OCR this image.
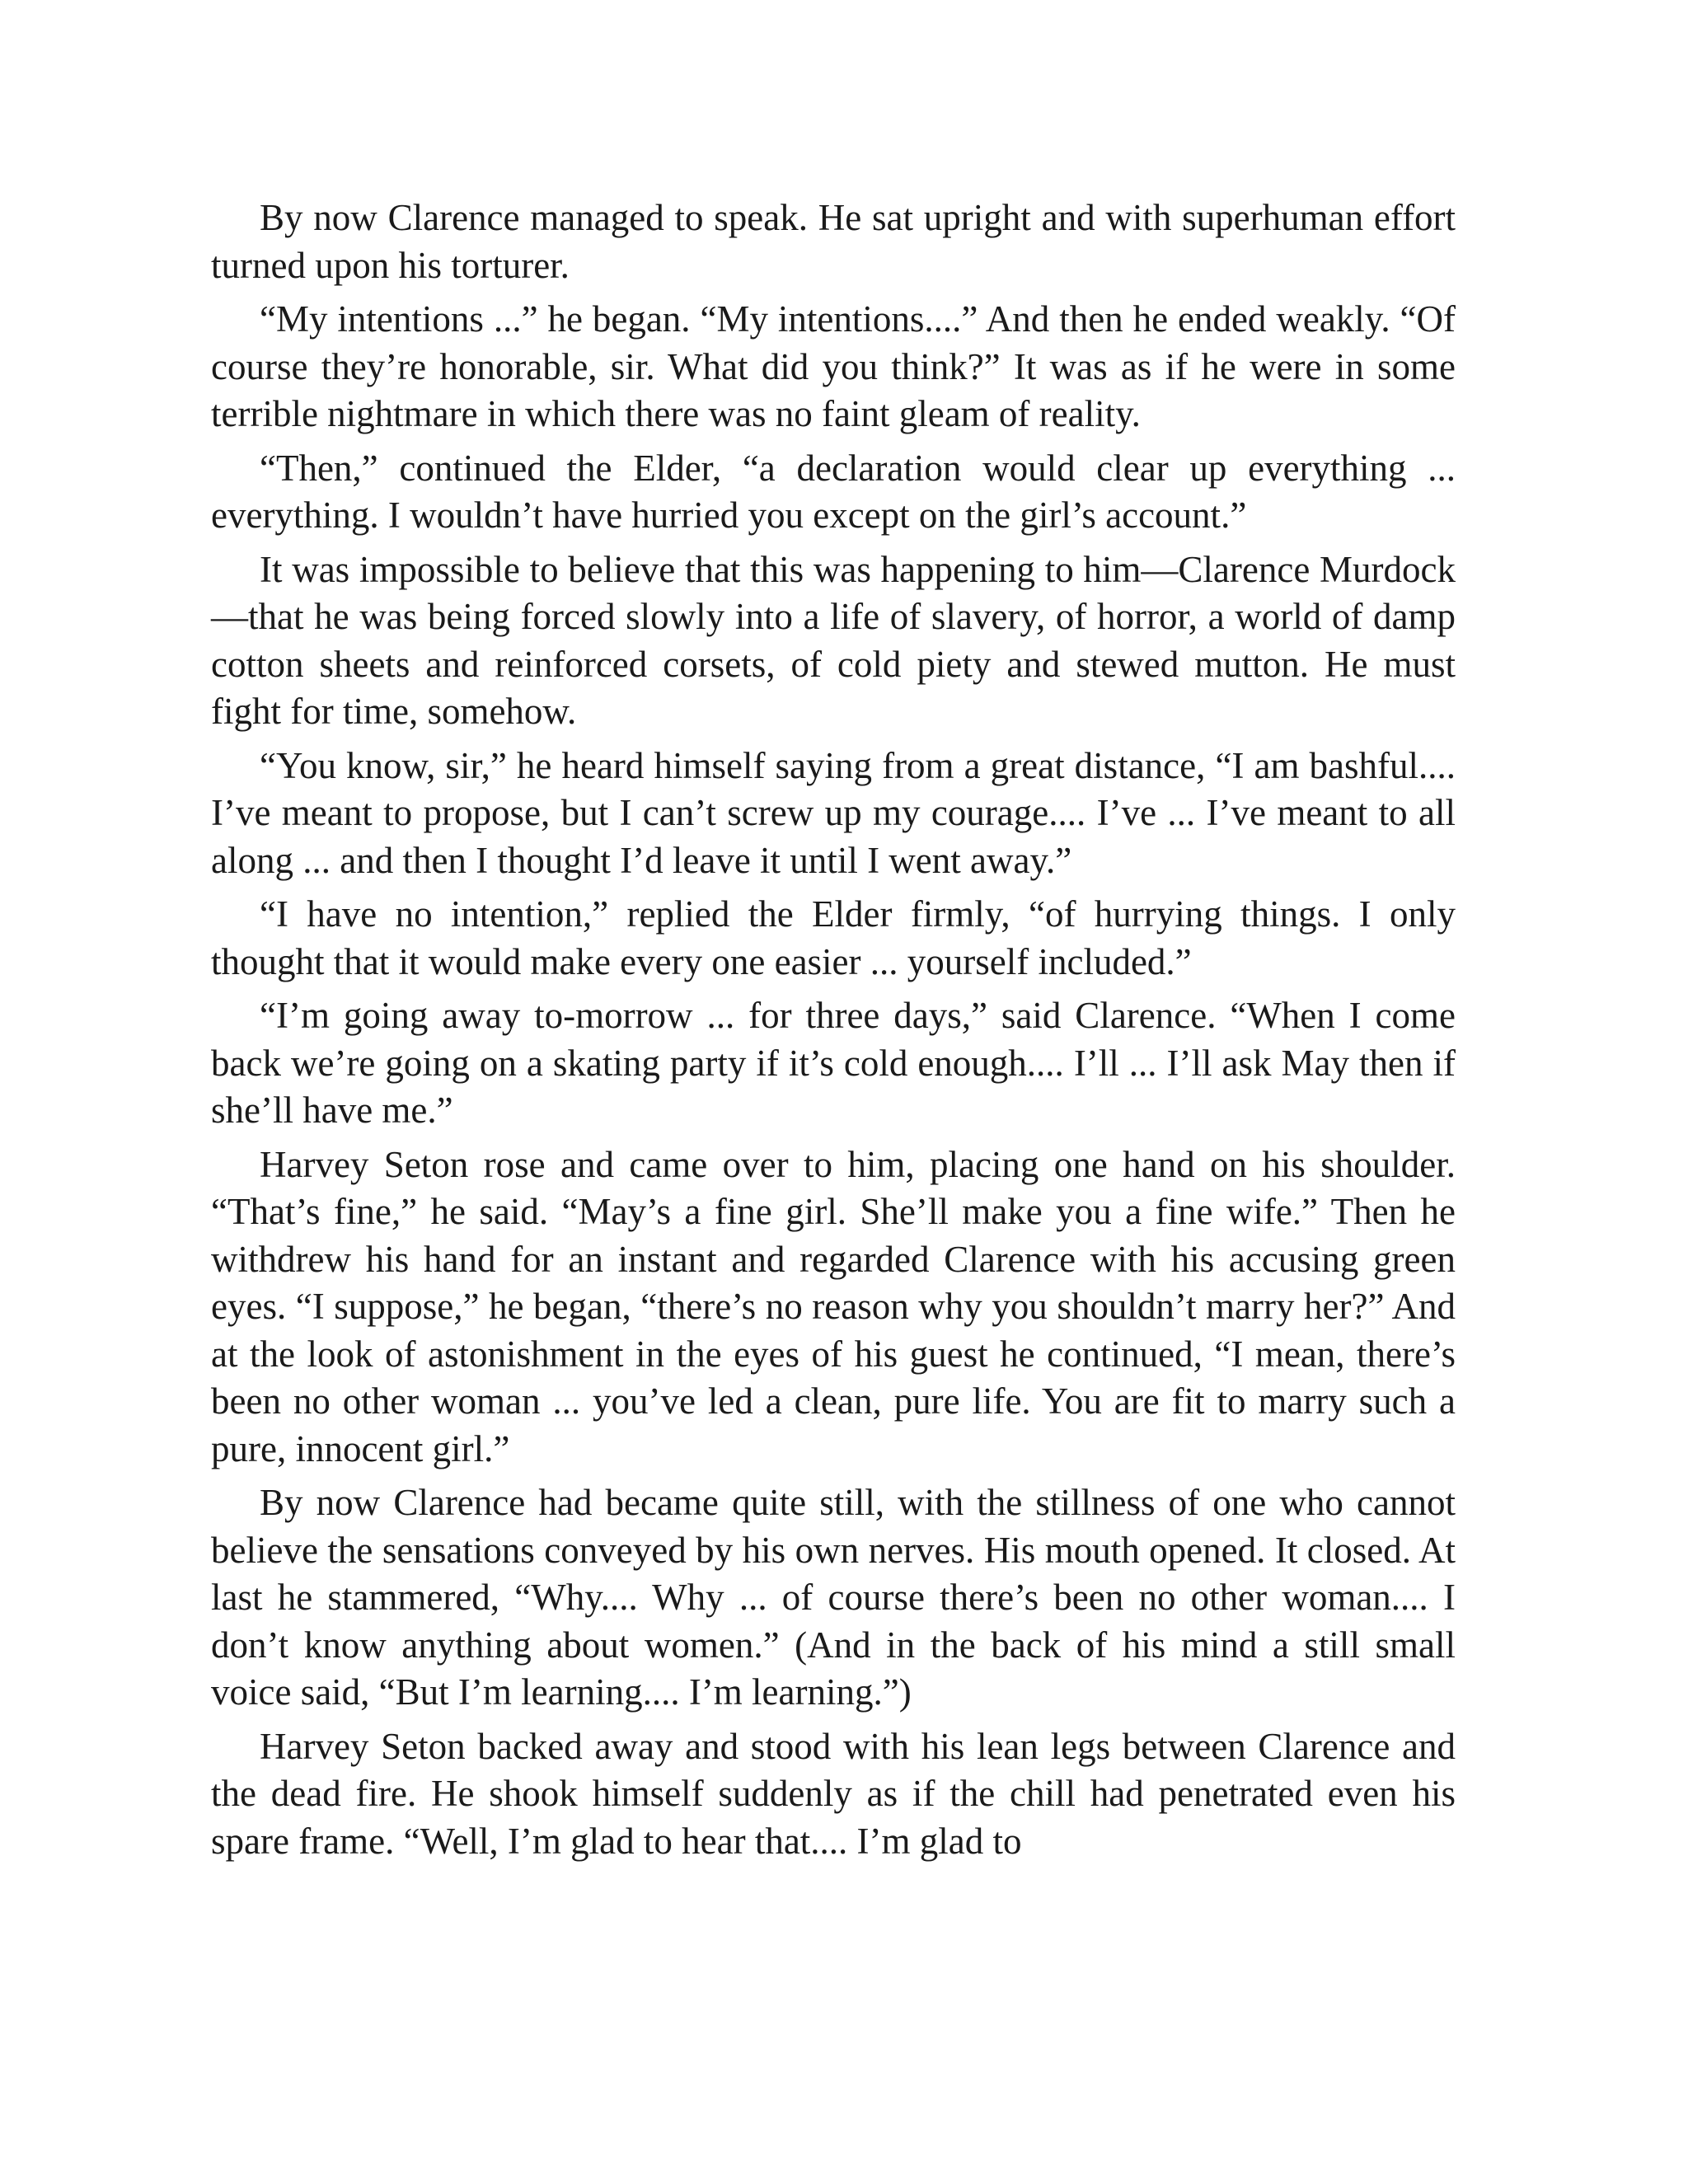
By now Clarence managed to speak. He sat upright and with superhuman effort turned upon his torturer.

“My intentions ...” he began. “My intentions....” And then he ended weakly. “Of course they’re honorable, sir. What did you think?” It was as if he were in some terrible nightmare in which there was no faint gleam of reality.

“Then,” continued the Elder, “a declaration would clear up everything ... everything. I wouldn’t have hurried you except on the girl’s account.”

It was impossible to believe that this was happening to him—Clarence Murdock—that he was being forced slowly into a life of slavery, of horror, a world of damp cotton sheets and reinforced corsets, of cold piety and stewed mutton. He must fight for time, somehow.

“You know, sir,” he heard himself saying from a great distance, “I am bashful.... I’ve meant to propose, but I can’t screw up my courage.... I’ve ... I’ve meant to all along ... and then I thought I’d leave it until I went away.”

“I have no intention,” replied the Elder firmly, “of hurrying things. I only thought that it would make every one easier ... yourself included.”

“I’m going away to-morrow ... for three days,” said Clarence. “When I come back we’re going on a skating party if it’s cold enough.... I’ll ... I’ll ask May then if she’ll have me.”

Harvey Seton rose and came over to him, placing one hand on his shoulder. “That’s fine,” he said. “May’s a fine girl. She’ll make you a fine wife.” Then he withdrew his hand for an instant and regarded Clarence with his accusing green eyes. “I suppose,” he began, “there’s no reason why you shouldn’t marry her?” And at the look of astonishment in the eyes of his guest he continued, “I mean, there’s been no other woman ... you’ve led a clean, pure life. You are fit to marry such a pure, innocent girl.”

By now Clarence had became quite still, with the stillness of one who cannot believe the sensations conveyed by his own nerves. His mouth opened. It closed. At last he stammered, “Why.... Why ... of course there’s been no other woman.... I don’t know anything about women.” (And in the back of his mind a still small voice said, “But I’m learning.... I’m learning.”)

Harvey Seton backed away and stood with his lean legs between Clarence and the dead fire. He shook himself suddenly as if the chill had penetrated even his spare frame. “Well, I’m glad to hear that.... I’m glad to
